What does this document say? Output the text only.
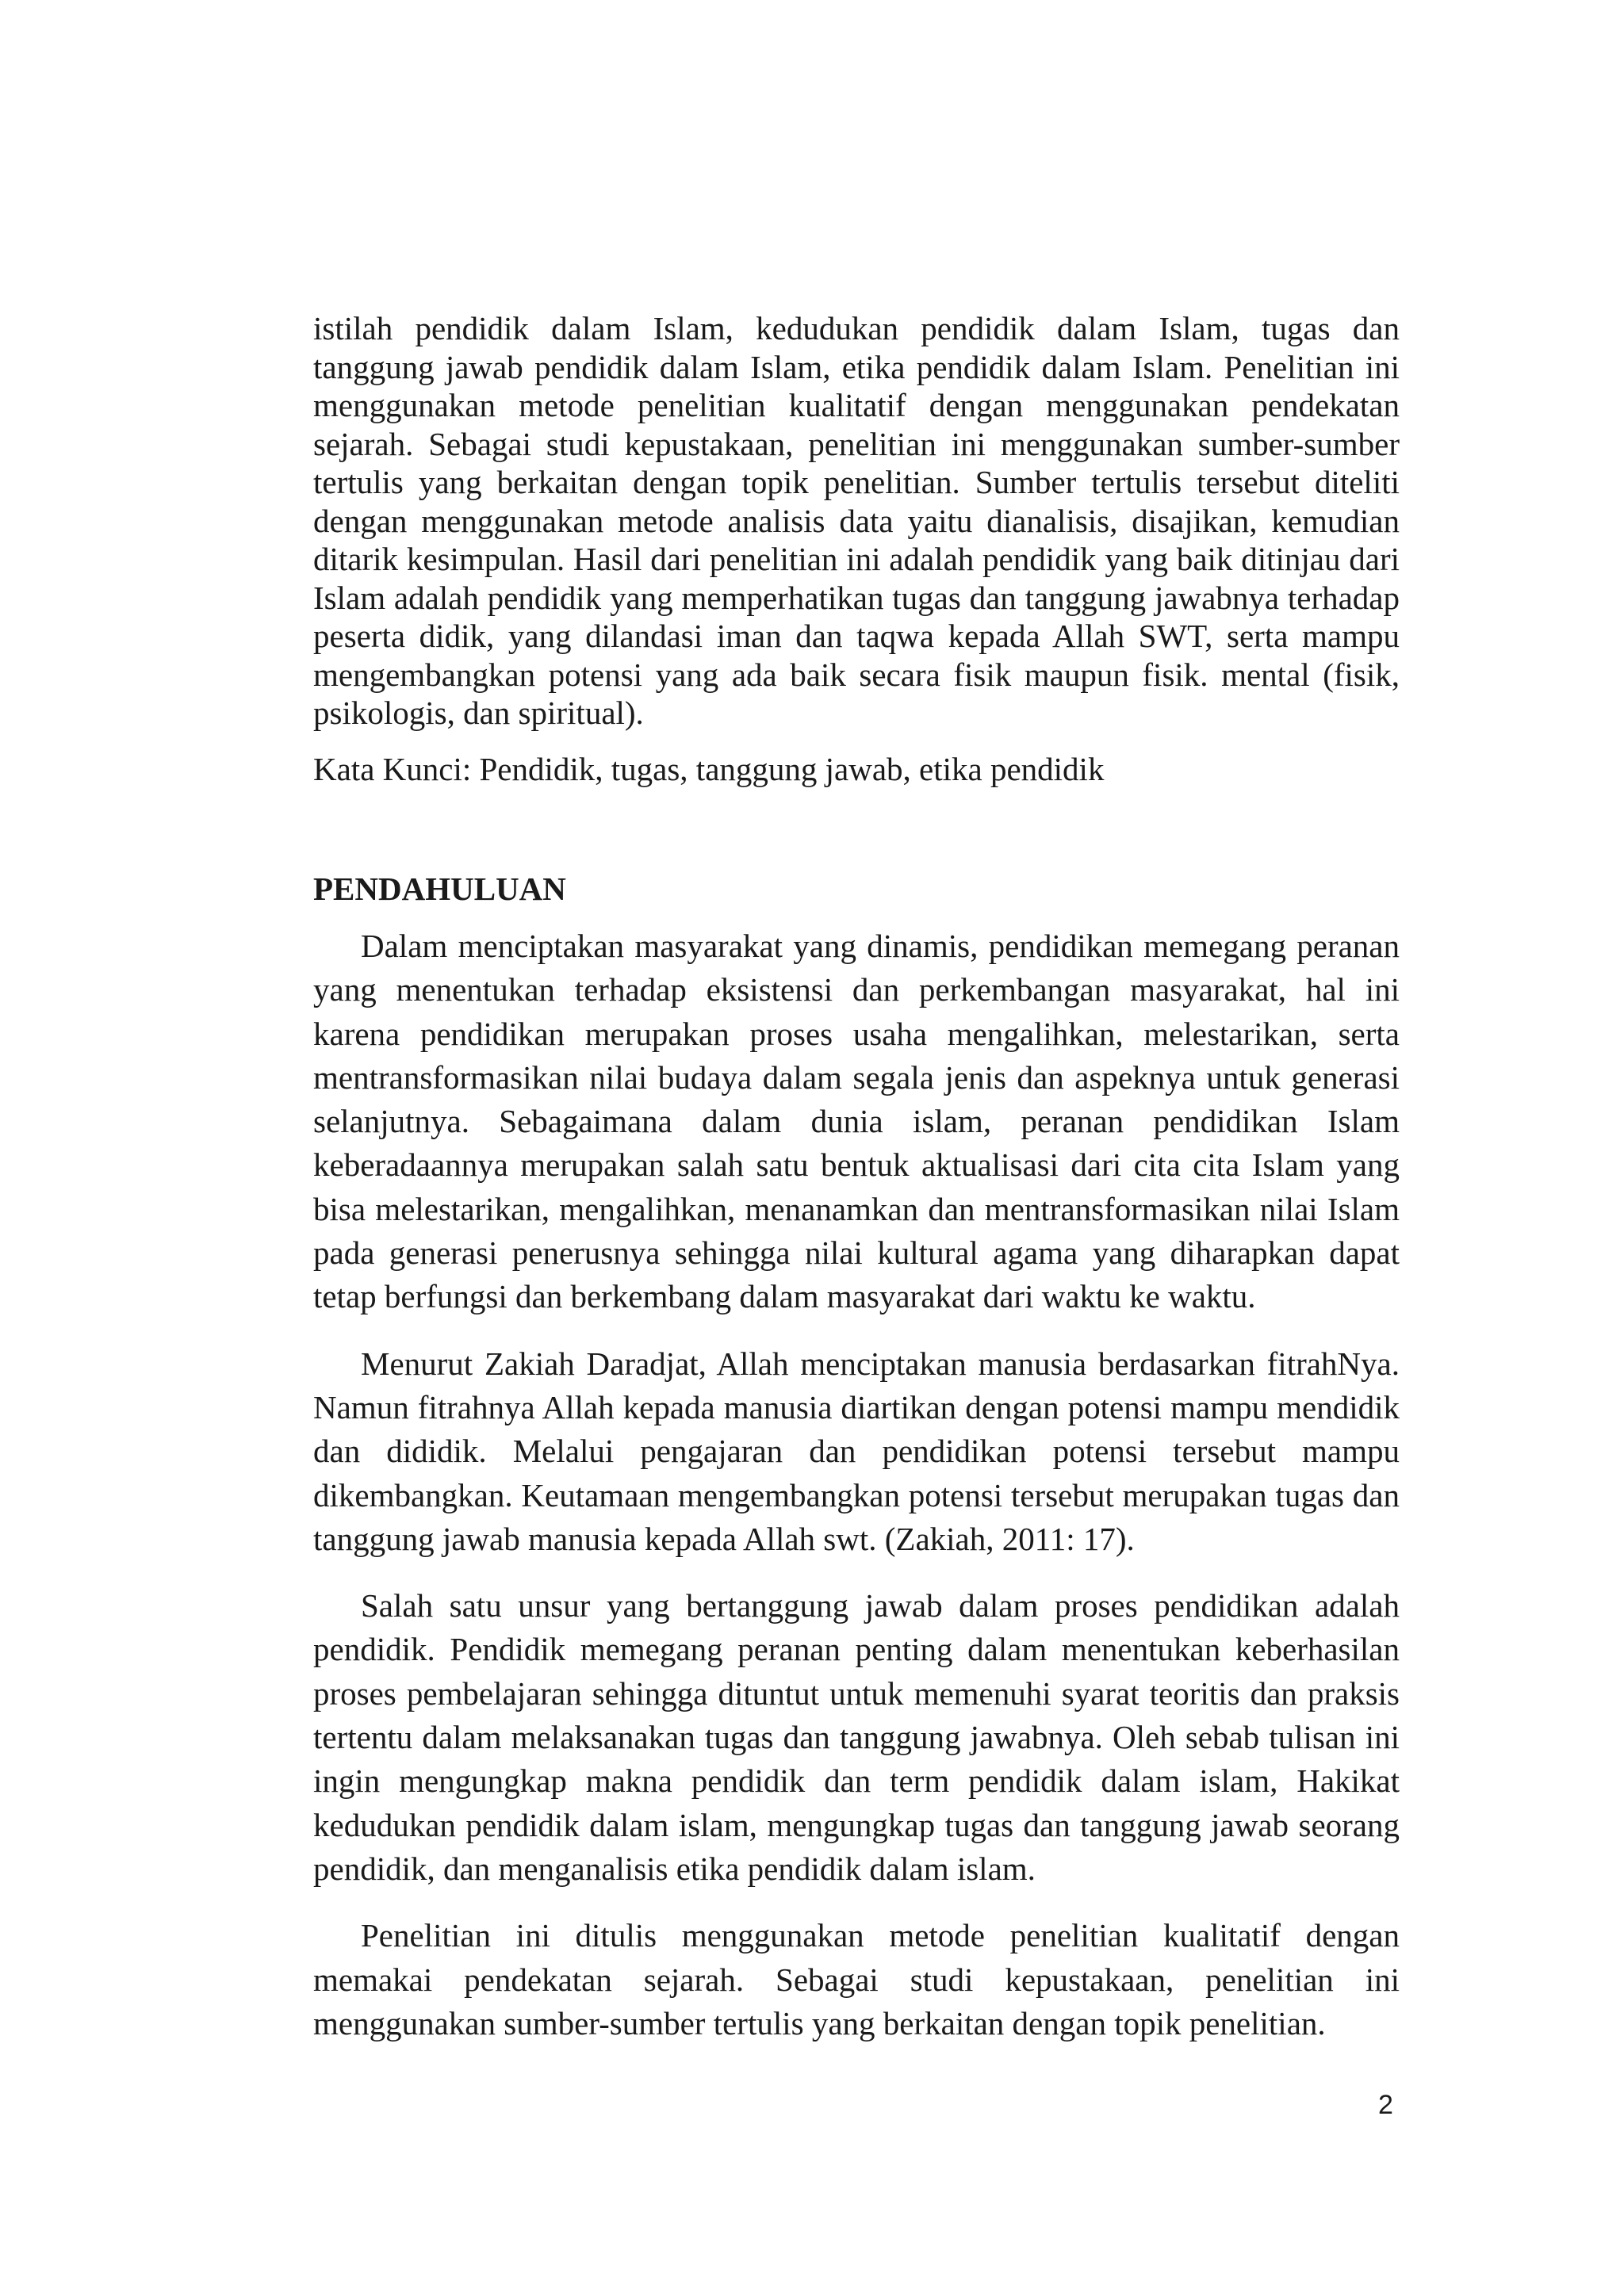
istilah pendidik dalam Islam, kedudukan pendidik dalam Islam, tugas dan tanggung jawab pendidik dalam Islam, etika pendidik dalam Islam. Penelitian ini menggunakan metode penelitian kualitatif dengan menggunakan pendekatan sejarah. Sebagai studi kepustakaan, penelitian ini menggunakan sumber-sumber tertulis yang berkaitan dengan topik penelitian. Sumber tertulis tersebut diteliti dengan menggunakan metode analisis data yaitu dianalisis, disajikan, kemudian ditarik kesimpulan. Hasil dari penelitian ini adalah pendidik yang baik ditinjau dari Islam adalah pendidik yang memperhatikan tugas dan tanggung jawabnya terhadap peserta didik, yang dilandasi iman dan taqwa kepada Allah SWT, serta mampu mengembangkan potensi yang ada baik secara fisik maupun fisik. mental (fisik, psikologis, dan spiritual).

Kata Kunci: Pendidik, tugas, tanggung jawab, etika pendidik

PENDAHULUAN

Dalam menciptakan masyarakat yang dinamis, pendidikan memegang peranan yang menentukan terhadap eksistensi dan perkembangan masyarakat, hal ini karena pendidikan merupakan proses usaha mengalihkan, melestarikan, serta mentransformasikan nilai budaya dalam segala jenis dan aspeknya untuk generasi selanjutnya. Sebagaimana dalam dunia islam, peranan pendidikan Islam keberadaannya merupakan salah satu bentuk aktualisasi dari cita cita Islam yang bisa melestarikan, mengalihkan, menanamkan dan mentransformasikan nilai Islam pada generasi penerusnya sehingga nilai kultural agama yang diharapkan dapat tetap berfungsi dan berkembang dalam masyarakat dari waktu ke waktu.

Menurut Zakiah Daradjat, Allah menciptakan manusia berdasarkan fitrahNya. Namun fitrahnya Allah kepada manusia diartikan dengan potensi mampu mendidik dan dididik. Melalui pengajaran dan pendidikan potensi tersebut mampu dikembangkan. Keutamaan mengembangkan potensi tersebut merupakan tugas dan tanggung jawab manusia kepada Allah swt. (Zakiah, 2011: 17).

Salah satu unsur yang bertanggung jawab dalam proses pendidikan adalah pendidik. Pendidik memegang peranan penting dalam menentukan keberhasilan proses pembelajaran sehingga dituntut untuk memenuhi syarat teoritis dan praksis tertentu dalam melaksanakan tugas dan tanggung jawabnya. Oleh sebab tulisan ini ingin mengungkap makna pendidik dan term pendidik dalam islam, Hakikat kedudukan pendidik dalam islam, mengungkap tugas dan tanggung jawab seorang pendidik, dan menganalisis etika pendidik dalam islam.

Penelitian ini ditulis menggunakan metode penelitian kualitatif dengan memakai pendekatan sejarah. Sebagai studi kepustakaan, penelitian ini menggunakan sumber-sumber tertulis yang berkaitan dengan topik penelitian.

2
